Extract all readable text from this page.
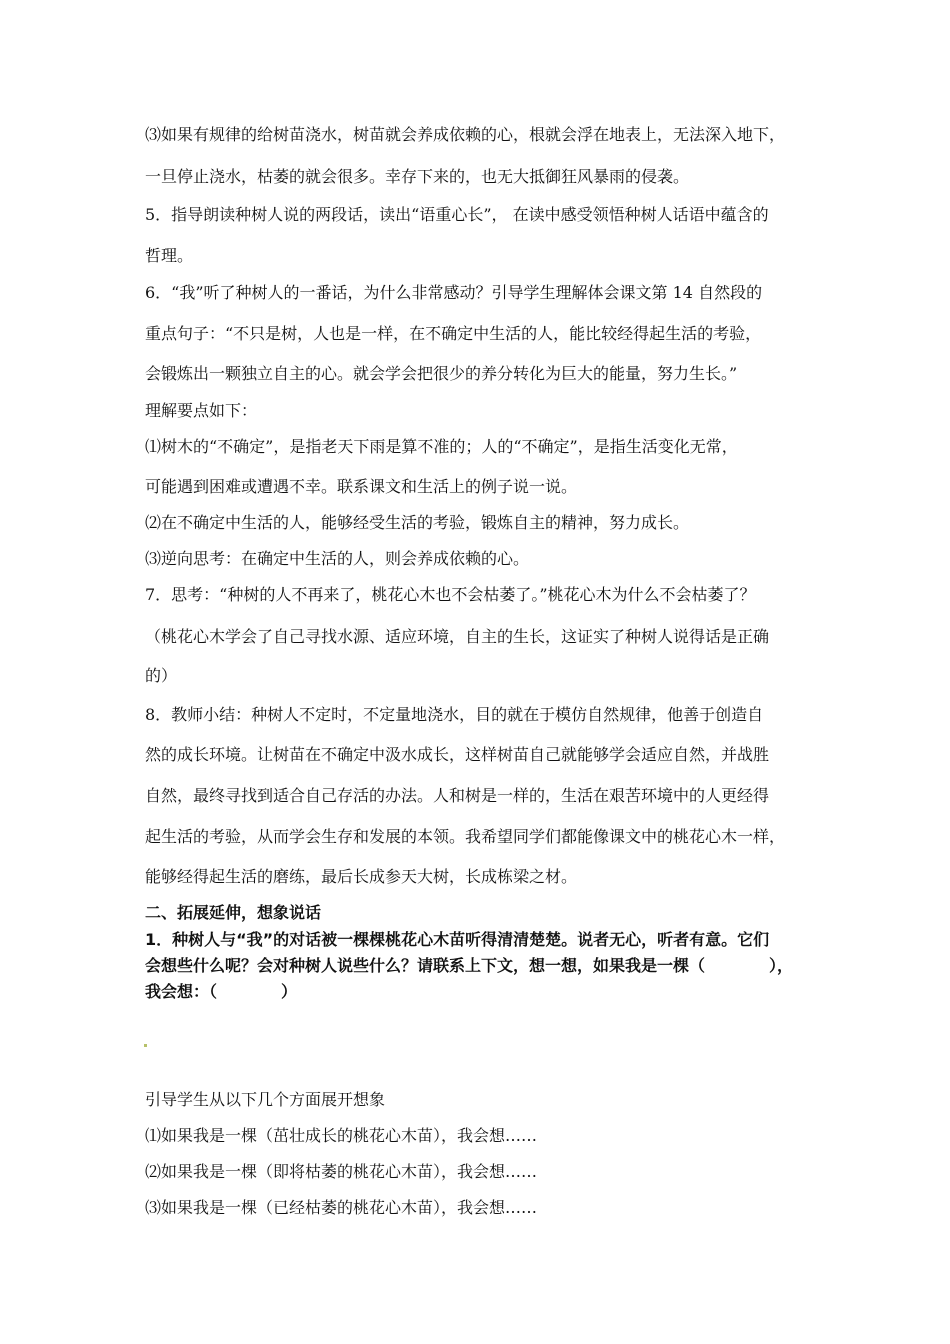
⑶如果有规律的给树苗浇水，树苗就会养成依赖的心，根就会浮在地表上，无法深入地下，
一旦停止浇水，枯萎的就会很多。幸存下来的，也无大抵御狂风暴雨的侵袭。
5．指导朗读种树人说的两段话，读出“语重心长”， 在读中感受领悟种树人话语中蕴含的
哲理。
6．“我”听了种树人的一番话，为什么非常感动？引导学生理解体会课文第 14 自然段的
重点句子：“不只是树，人也是一样，在不确定中生活的人，能比较经得起生活的考验，
会锻炼出一颗独立自主的心。就会学会把很少的养分转化为巨大的能量，努力生长。”
理解要点如下：
⑴树木的“不确定”，是指老天下雨是算不准的；人的“不确定”，是指生活变化无常，
可能遇到困难或遭遇不幸。联系课文和生活上的例子说一说。
⑵在不确定中生活的人，能够经受生活的考验，锻炼自主的精神，努力成长。
⑶逆向思考：在确定中生活的人，则会养成依赖的心。
7．思考：“种树的人不再来了，桃花心木也不会枯萎了。”桃花心木为什么不会枯萎了？
（桃花心木学会了自己寻找水源、适应环境，自主的生长，这证实了种树人说得话是正确
的）
8．教师小结：种树人不定时，不定量地浇水，目的就在于模仿自然规律，他善于创造自
然的成长环境。让树苗在不确定中汲水成长，这样树苗自己就能够学会适应自然，并战胜
自然，最终寻找到适合自己存活的办法。人和树是一样的，生活在艰苦环境中的人更经得
起生活的考验，从而学会生存和发展的本领。我希望同学们都能像课文中的桃花心木一样，
能够经得起生活的磨练，最后长成参天大树，长成栋梁之材。
二、拓展延伸，想象说话
1．种树人与“我”的对话被一棵棵桃花心木苗听得清清楚楚。说者无心，听者有意。它们
会想些什么呢？会对种树人说些什么？请联系上下文，想一想，如果我是一棵（　　　　），
我会想：（　　　　）
引导学生从以下几个方面展开想象
⑴如果我是一棵（茁壮成长的桃花心木苗），我会想……
⑵如果我是一棵（即将枯萎的桃花心木苗），我会想……
⑶如果我是一棵（已经枯萎的桃花心木苗），我会想……
